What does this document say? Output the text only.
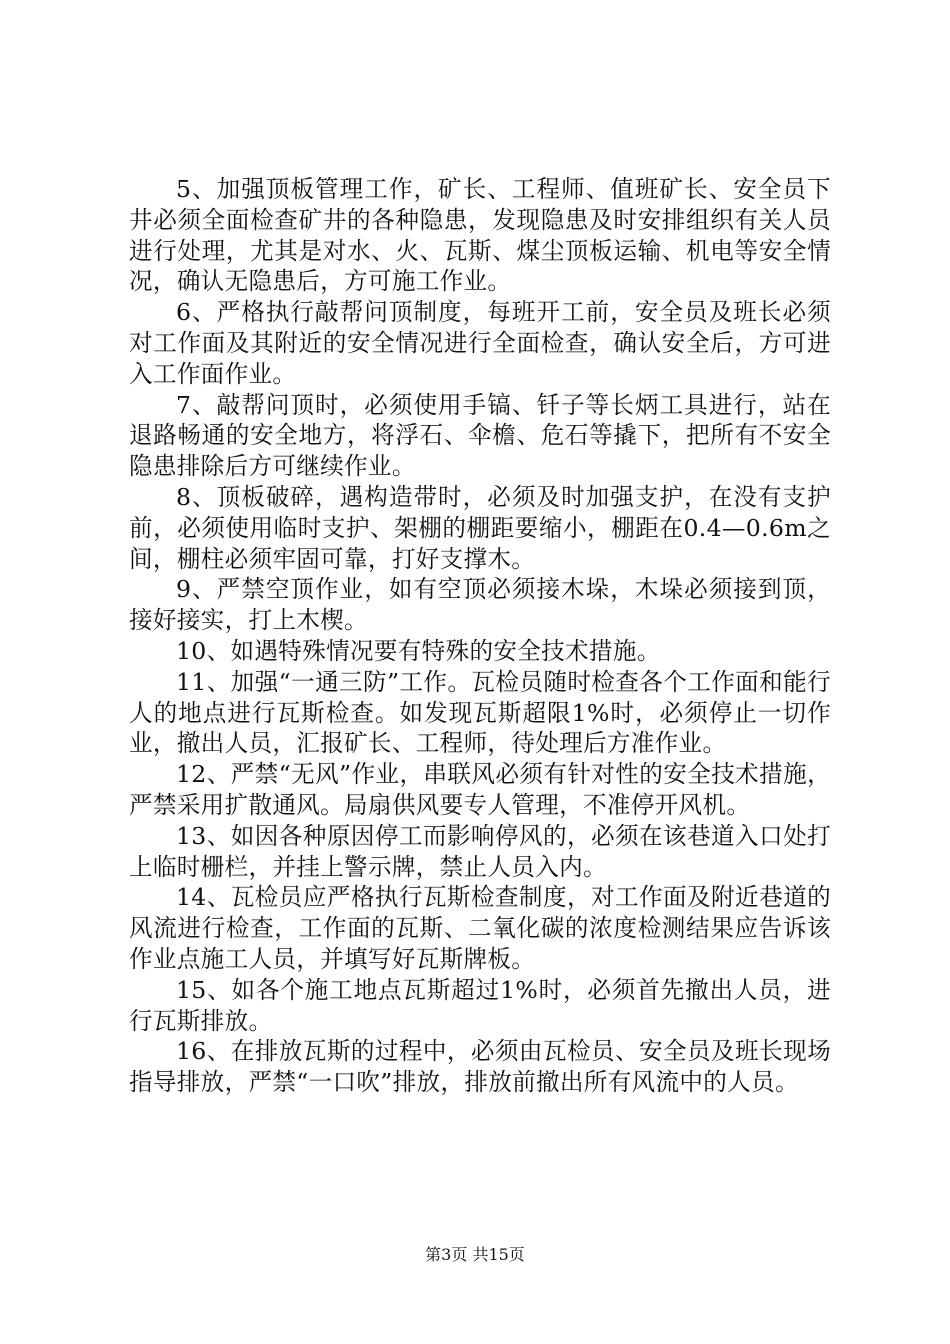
5、加强顶板管理工作，矿长、工程师、值班矿长、安全员下井必须全面检查矿井的各种隐患，发现隐患及时安排组织有关人员进行处理，尤其是对水、火、瓦斯、煤尘顶板运输、机电等安全情况，确认无隐患后，方可施工作业。

6、严格执行敲帮问顶制度，每班开工前，安全员及班长必须对工作面及其附近的安全情况进行全面检查，确认安全后，方可进入工作面作业。

7、敲帮问顶时，必须使用手镐、钎子等长炳工具进行，站在退路畅通的安全地方，将浮石、伞檐、危石等撬下，把所有不安全隐患排除后方可继续作业。

8、顶板破碎，遇构造带时，必须及时加强支护，在没有支护前，必须使用临时支护、架棚的棚距要缩小，棚距在0.4—0.6m之间，棚柱必须牢固可靠，打好支撑木。

9、严禁空顶作业，如有空顶必须接木垛，木垛必须接到顶，接好接实，打上木楔。

10、如遇特殊情况要有特殊的安全技术措施。

11、加强“一通三防”工作。瓦检员随时检查各个工作面和能行人的地点进行瓦斯检查。如发现瓦斯超限1%时，必须停止一切作业，撤出人员，汇报矿长、工程师，待处理后方准作业。

12、严禁“无风”作业，串联风必须有针对性的安全技术措施，严禁采用扩散通风。局扇供风要专人管理，不准停开风机。

13、如因各种原因停工而影响停风的，必须在该巷道入口处打上临时栅栏，并挂上警示牌，禁止人员入内。

14、瓦检员应严格执行瓦斯检查制度，对工作面及附近巷道的风流进行检查，工作面的瓦斯、二氧化碳的浓度检测结果应告诉该作业点施工人员，并填写好瓦斯牌板。

15、如各个施工地点瓦斯超过1%时，必须首先撤出人员，进行瓦斯排放。

16、在排放瓦斯的过程中，必须由瓦检员、安全员及班长现场指导排放，严禁“一口吹”排放，排放前撤出所有风流中的人员。

第3页 共15页
